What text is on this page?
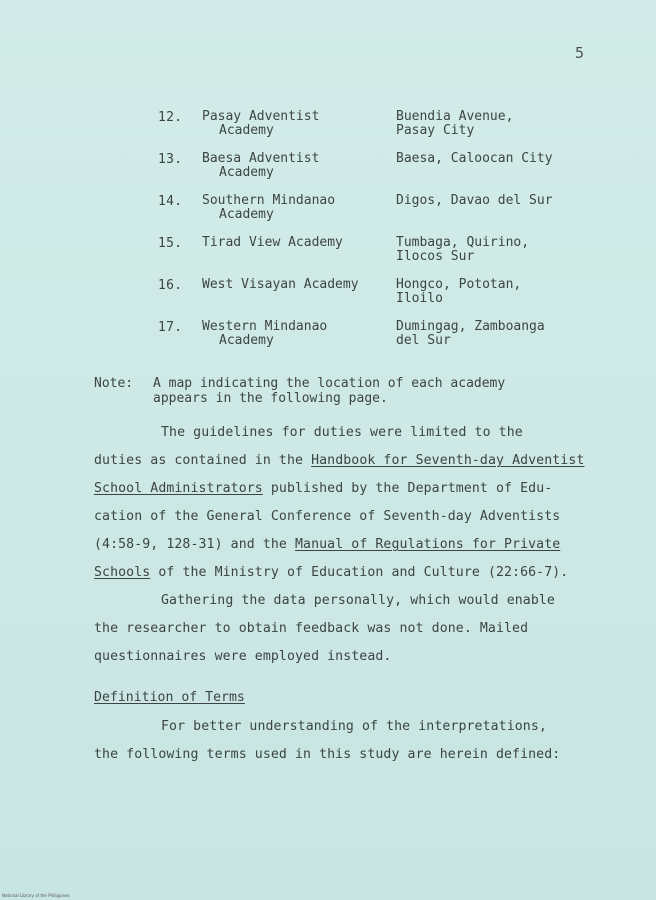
5
12. Pasay Adventist
Academy
Buendia Avenue,
Pasay City
13. Baesa Adventist
Academy
Baesa, Caloocan City

14. Southern Mindanao
Academy
Digos, Davao del Sur

15. Tirad View Academy	Tumbaga, Quirino,
Ilocos Sur
16. West Visayan Academy	Hongco, Pototan,
Iloilo
17. Western Mindanao
Academy
Dumingag, Zamboanga
del Sur
Note: A map indicating the location of each academy
appears in the following page.
The guidelines for duties were limited to the
duties as contained in the Handbook for Seventh-day Adventist
School Administrators published by the Department of Edu-
cation of the General Conference of Seventh-day Adventists
(4:58-9, 128-31) and the Manual of Regulations for Private
Schools of the Ministry of Education and Culture (22:66-7).
Gathering the data personally, which would enable
the researcher to obtain feedback was not done. Mailed
questionnaires were employed instead.
Definition of Terms
For better understanding of the interpretations,
the following terms used in this study are herein defined:
National Library of the Philippines
